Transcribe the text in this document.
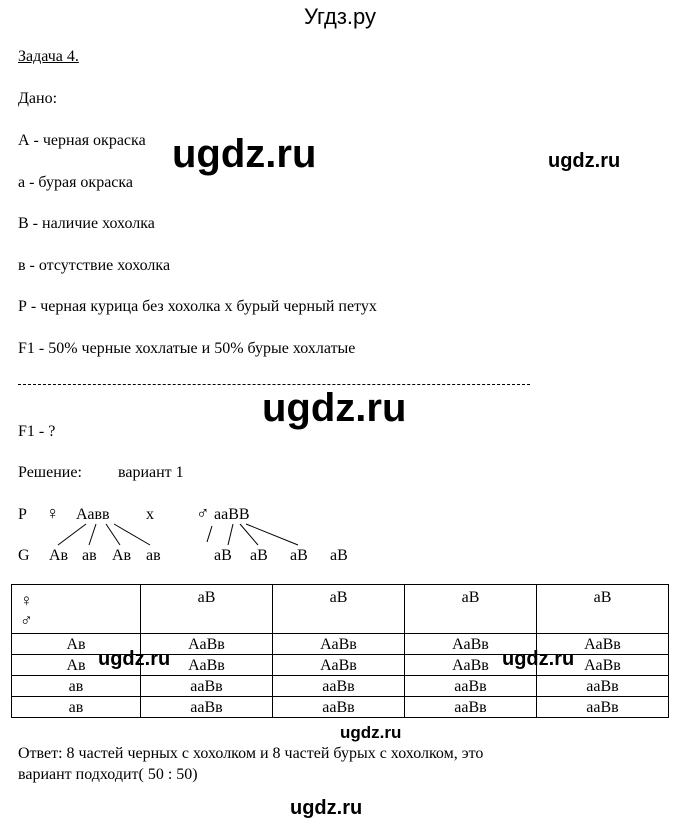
Угдз.ру
Задача 4.
Дано:
А - черная окраска
а - бурая окраска
В - наличие хохолка
в - отсутствие хохолка
Р - черная курица без хохолка х бурый черный петух
F1 - 50% черные хохлатые и 50% бурые хохлатые
F1 - ?
Решение: вариант 1
Р ♀ Аавв х ♂ ааВВ
G Ав ав Ав ав	аВ аВ аВ аВ
♀
♂	аВ	аВ	аВ	аВ
Ав	АаВв	АаВв	АаВв	АаВв
Ав	АаВв	АаВв	АаВв	АаВв
ав	ааВв	ааВв	ааВв	ааВв
ав	ааВв	ааВв	ааВв	ааВв
Ответ: 8 частей черных с хохолком и 8 частей бурых с хохолком, это
вариант подходит( 50 : 50)
ugdz.ru	ugdz.ru
ugdz.ru
ugdz.ru	ugdz.ru
ugdz.ru
ugdz.ru
